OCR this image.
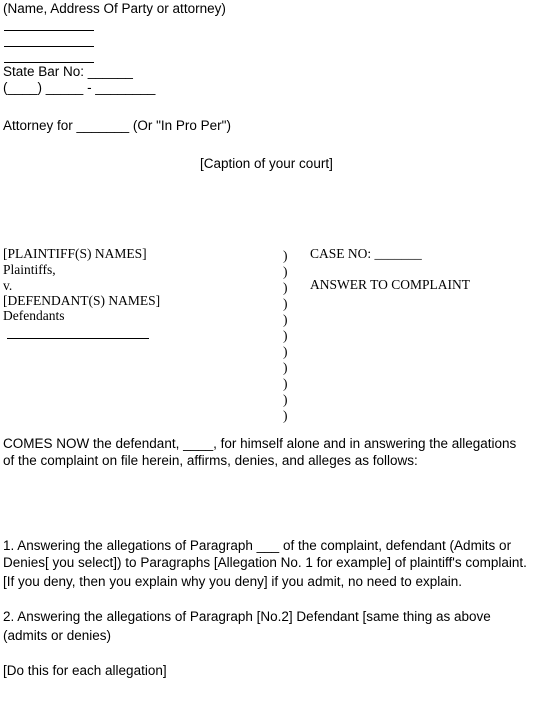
(Name, Address Of Party or attorney)
State Bar No: ______
(____) _____ - ________
Attorney for _______ (Or "In Pro Per")
[Caption of your court]
[PLAINTIFF(S) NAMES]
Plaintiffs,
v.
[DEFENDANT(S) NAMES]
Defendants
)
)
)
)
)
)
)
)
)
)
)
CASE NO: _______
ANSWER TO COMPLAINT
COMES NOW the defendant, ____, for himself alone and in answering the allegations
of the complaint on file herein, affirms, denies, and alleges as follows:
1. Answering the allegations of Paragraph ___ of the complaint, defendant (Admits or
Denies[ you select]) to Paragraphs [Allegation No. 1 for example] of plaintiff's complaint.
[If you deny, then you explain why you deny] if you admit, no need to explain.
2. Answering the allegations of Paragraph [No.2] Defendant [same thing as above
(admits or denies)
[Do this for each allegation]
